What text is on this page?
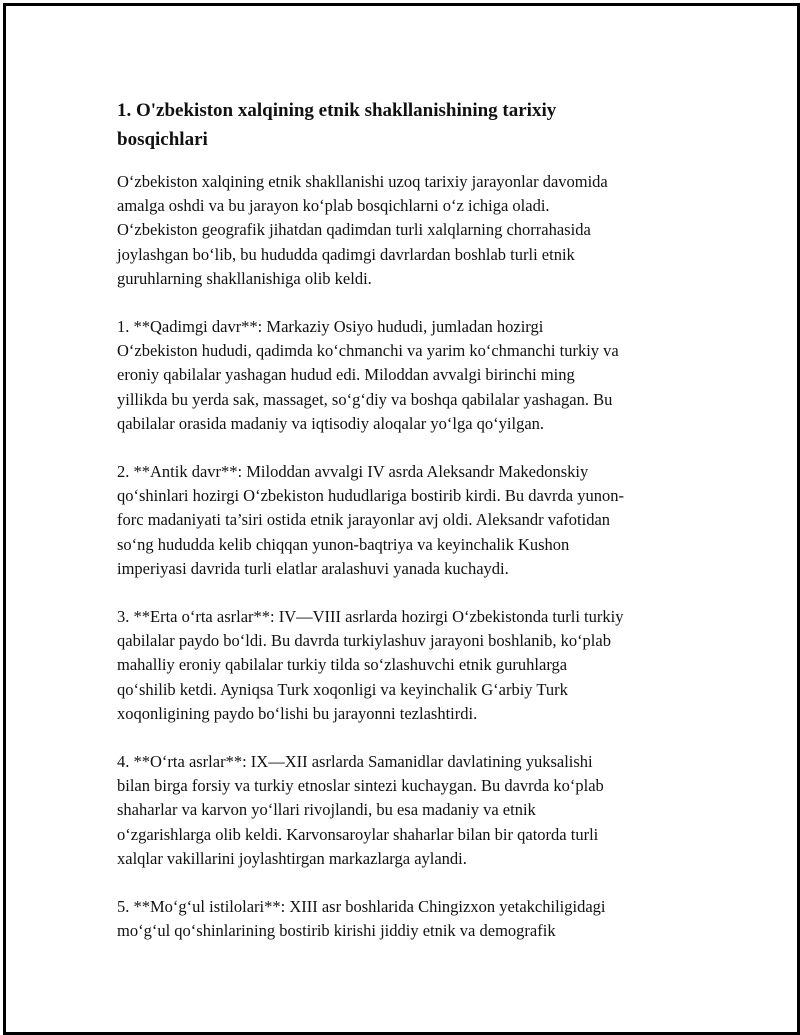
1. O'zbekiston xalqining etnik shakllanishining tarixiy
bosqichlari

O‘zbekiston xalqining etnik shakllanishi uzoq tarixiy jarayonlar davomida
amalga oshdi va bu jarayon ko‘plab bosqichlarni o‘z ichiga oladi.
O‘zbekiston geografik jihatdan qadimdan turli xalqlarning chorrahasida
joylashgan bo‘lib, bu hududda qadimgi davrlardan boshlab turli etnik
guruhlarning shakllanishiga olib keldi.

1. **Qadimgi davr**: Markaziy Osiyo hududi, jumladan hozirgi
O‘zbekiston hududi, qadimda ko‘chmanchi va yarim ko‘chmanchi turkiy va
eroniy qabilalar yashagan hudud edi. Miloddan avvalgi birinchi ming
yillikda bu yerda sak, massaget, so‘g‘diy va boshqa qabilalar yashagan. Bu
qabilalar orasida madaniy va iqtisodiy aloqalar yo‘lga qo‘yilgan.

2. **Antik davr**: Miloddan avvalgi IV asrda Aleksandr Makedonskiy
qo‘shinlari hozirgi O‘zbekiston hududlariga bostirib kirdi. Bu davrda yunon-
forc madaniyati ta’siri ostida etnik jarayonlar avj oldi. Aleksandr vafotidan
so‘ng hududda kelib chiqqan yunon-baqtriya va keyinchalik Kushon
imperiyasi davrida turli elatlar aralashuvi yanada kuchaydi.

3. **Erta o‘rta asrlar**: IV—VIII asrlarda hozirgi O‘zbekistonda turli turkiy
qabilalar paydo bo‘ldi. Bu davrda turkiylashuv jarayoni boshlanib, ko‘plab
mahalliy eroniy qabilalar turkiy tilda so‘zlashuvchi etnik guruhlarga
qo‘shilib ketdi. Ayniqsa Turk xoqonligi va keyinchalik G‘arbiy Turk
xoqonligining paydo bo‘lishi bu jarayonni tezlashtirdi.

4. **O‘rta asrlar**: IX—XII asrlarda Samanidlar davlatining yuksalishi
bilan birga forsiy va turkiy etnoslar sintezi kuchaygan. Bu davrda ko‘plab
shaharlar va karvon yo‘llari rivojlandi, bu esa madaniy va etnik
o‘zgarishlarga olib keldi. Karvonsaroylar shaharlar bilan bir qatorda turli
xalqlar vakillarini joylashtirgan markazlarga aylandi.

5. **Mo‘g‘ul istilolari**: XIII asr boshlarida Chingizxon yetakchiligidagi
mo‘g‘ul qo‘shinlarining bostirib kirishi jiddiy etnik va demografik
